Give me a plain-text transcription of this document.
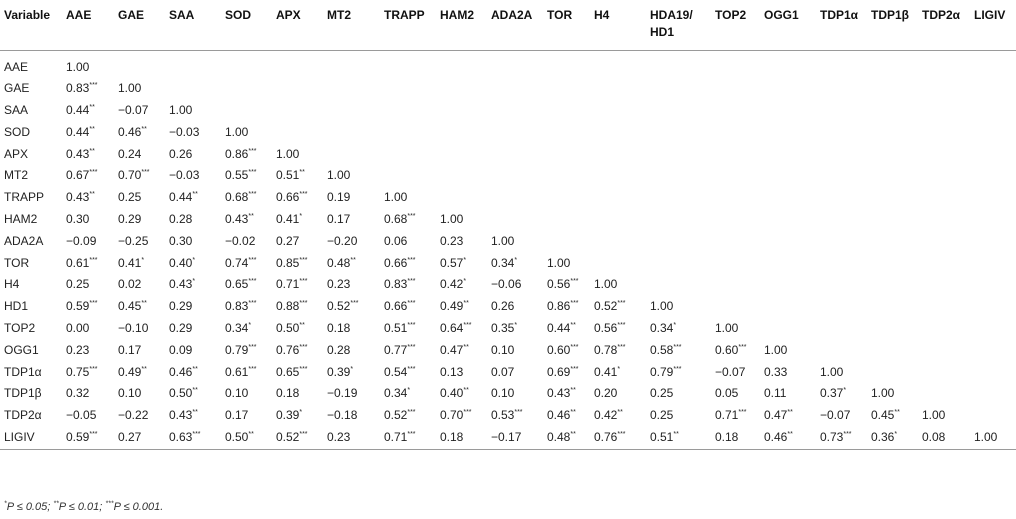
Variable	AAE	GAE	SAA	SOD	APX	MT2	TRAPP	HAM2	ADA2A	TOR	H4	HDA19/
HD1	TOP2	OGG1	TDP1α	TDP1β	TDP2α	LIGIV
AAE	1.00																	
GAE	0.83***	1.00																
SAA	0.44**	−0.07	1.00															
SOD	0.44**	0.46**	−0.03	1.00														
APX	0.43**	0.24	0.26	0.86***	1.00													
MT2	0.67***	0.70***	−0.03	0.55***	0.51**	1.00												
TRAPP	0.43**	0.25	0.44**	0.68***	0.66***	0.19	1.00											
HAM2	0.30	0.29	0.28	0.43**	0.41*	0.17	0.68***	1.00										
ADA2A	−0.09	−0.25	0.30	−0.02	0.27	−0.20	0.06	0.23	1.00									
TOR	0.61***	0.41*	0.40*	0.74***	0.85***	0.48**	0.66***	0.57*	0.34*	1.00								
H4	0.25	0.02	0.43*	0.65***	0.71***	0.23	0.83***	0.42*	−0.06	0.56***	1.00							
HD1	0.59***	0.45**	0.29	0.83***	0.88***	0.52***	0.66***	0.49**	0.26	0.86***	0.52***	1.00						
TOP2	0.00	−0.10	0.29	0.34*	0.50**	0.18	0.51***	0.64***	0.35*	0.44**	0.56***	0.34*	1.00					
OGG1	0.23	0.17	0.09	0.79***	0.76***	0.28	0.77***	0.47**	0.10	0.60***	0.78***	0.58***	0.60***	1.00				
TDP1α	0.75***	0.49**	0.46**	0.61***	0.65***	0.39*	0.54***	0.13	0.07	0.69***	0.41*	0.79***	−0.07	0.33	1.00			
TDP1β	0.32	0.10	0.50**	0.10	0.18	−0.19	0.34*	0.40**	0.10	0.43**	0.20	0.25	0.05	0.11	0.37*	1.00		
TDP2α	−0.05	−0.22	0.43**	0.17	0.39*	−0.18	0.52***	0.70***	0.53***	0.46**	0.42**	0.25	0.71***	0.47**	−0.07	0.45**	1.00	
LIGIV	0.59***	0.27	0.63***	0.50**	0.52***	0.23	0.71***	0.18	−0.17	0.48**	0.76***	0.51**	0.18	0.46**	0.73***	0.36*	0.08	1.00
*P ≤ 0.05; **P ≤ 0.01; ***P ≤ 0.001.
